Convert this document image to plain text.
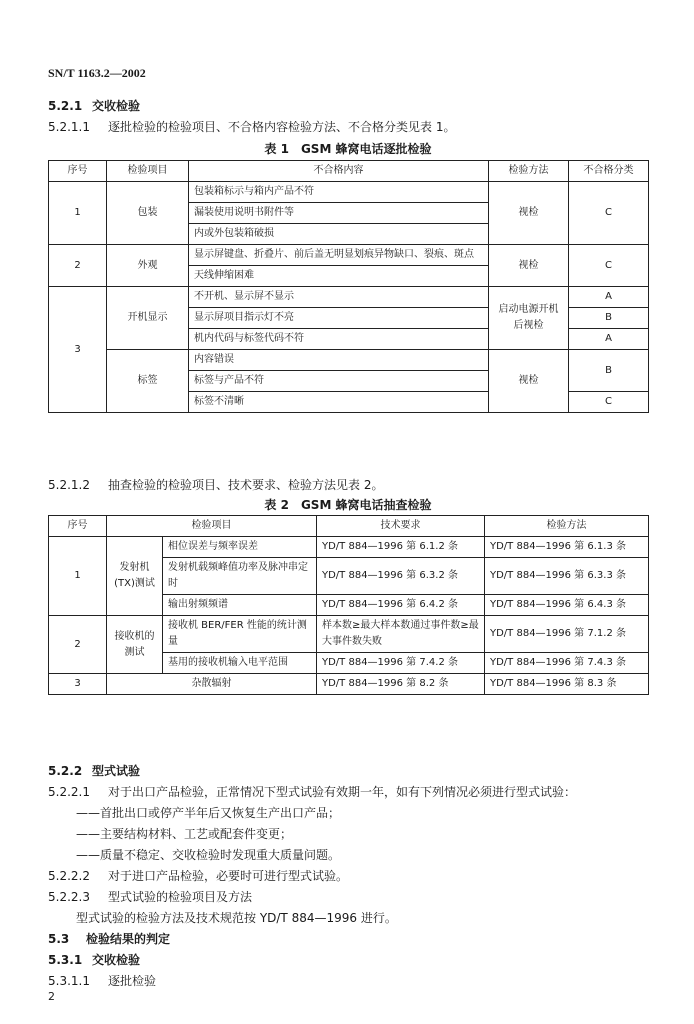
SN/T 1163.2—2002
5.2.1 交收检验
5.2.1.1 逐批检验的检验项目、不合格内容检验方法、不合格分类见表 1。
表 1　GSM 蜂窝电话逐批检验
序号	检验项目	不合格内容	检验方法	不合格分类
1	包装	包装箱标示与箱内产品不符	视检	C
		漏装使用说明书附件等		
		内或外包装箱破损		
2	外观	显示屏键盘、折叠片、前后盖无明显划痕异物缺口、裂痕、斑点	视检	C
		天线伸缩困难		
3	开机显示	不开机、显示屏不显示	启动电源开机后视检	A
		显示屏项目指示灯不亮		B
		机内代码与标签代码不符		A
	标签	内容错误	视检	B
		标签与产品不符		
		标签不清晰		C
5.2.1.2 抽查检验的检验项目、技术要求、检验方法见表 2。
表 2　GSM 蜂窝电话抽查检验
序号	检验项目		技术要求	检验方法
1	发射机(TX)测试	相位误差与频率误差	YD/T 884—1996 第 6.1.2 条	YD/T 884—1996 第 6.1.3 条
		发射机载频峰值功率及脉冲串定时	YD/T 884—1996 第 6.3.2 条	YD/T 884—1996 第 6.3.3 条
		输出射频频谱	YD/T 884—1996 第 6.4.2 条	YD/T 884—1996 第 6.4.3 条
2	接收机的测试	接收机 BER/FER 性能的统计测量	样本数≥最大样本数通过事件数≥最大事件数失败	YD/T 884—1996 第 7.1.2 条
		基用的接收机输入电平范围	YD/T 884—1996 第 7.4.2 条	YD/T 884—1996 第 7.4.3 条
3	杂散辐射		YD/T 884—1996 第 8.2 条	YD/T 884—1996 第 8.3 条
5.2.2 型式试验
5.2.2.1 对于出口产品检验，正常情况下型式试验有效期一年，如有下列情况必须进行型式试验：
——首批出口或停产半年后又恢复生产出口产品；
——主要结构材料、工艺或配套件变更；
——质量不稳定、交收检验时发现重大质量问题。
5.2.2.2 对于进口产品检验，必要时可进行型式试验。
5.2.2.3 型式试验的检验项目及方法
型式试验的检验方法及技术规范按 YD/T 884—1996 进行。
5.3 检验结果的判定
5.3.1 交收检验
5.3.1.1 逐批检验
2
